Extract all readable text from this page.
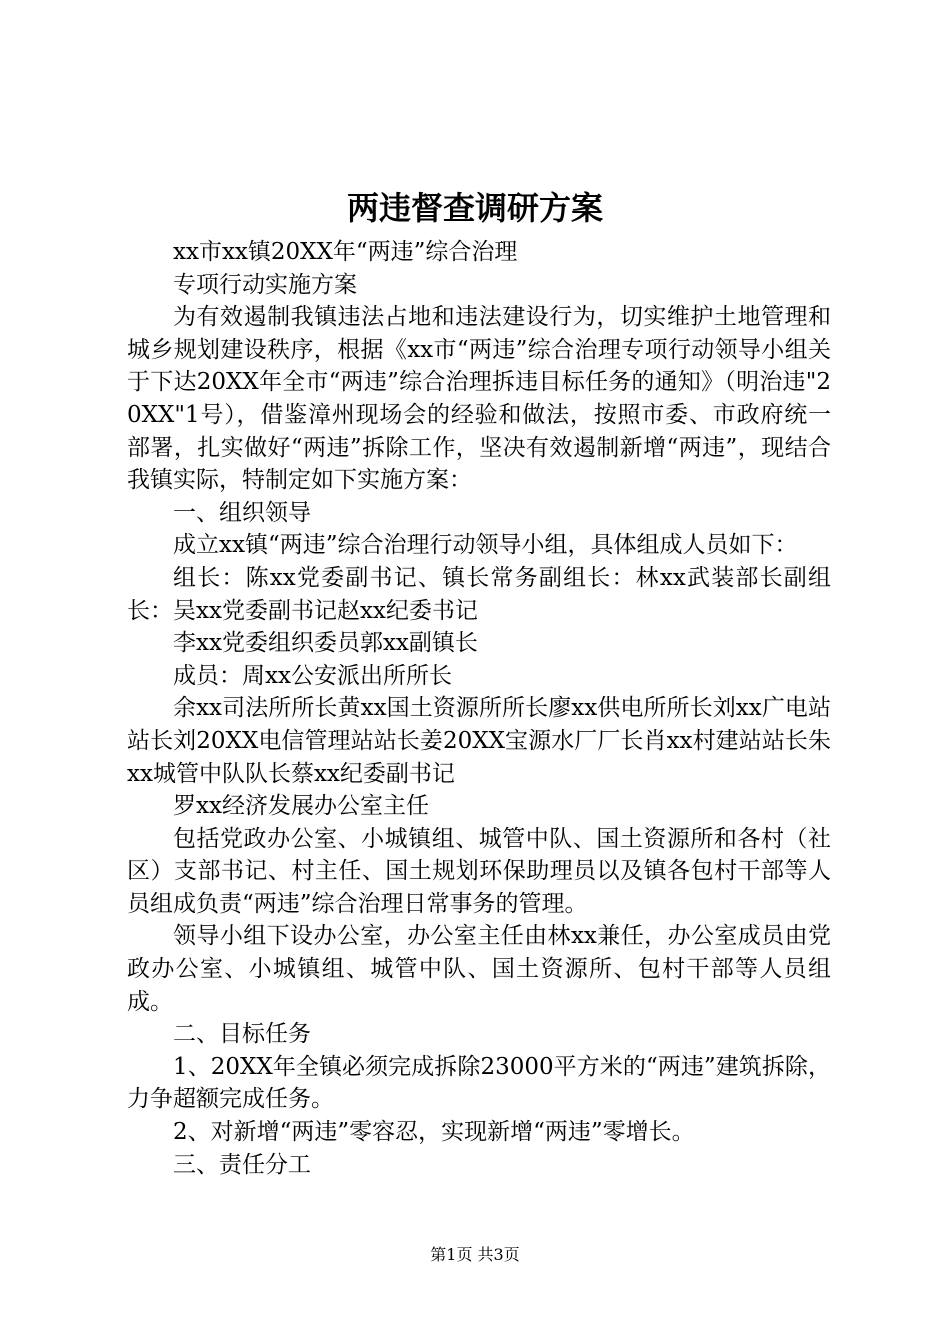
两违督查调研方案

xx市xx镇20XX年“两违”综合治理

专项行动实施方案

为有效遏制我镇违法占地和违法建设行为，切实维护土地管理和城乡规划建设秩序，根据《xx市“两违”综合治理专项行动领导小组关于下达20XX年全市“两违”综合治理拆违目标任务的通知》（明治违"20XX"1号），借鉴漳州现场会的经验和做法，按照市委、市政府统一部署，扎实做好“两违”拆除工作，坚决有效遏制新增“两违”，现结合我镇实际，特制定如下实施方案：

一、组织领导

成立xx镇“两违”综合治理行动领导小组，具体组成人员如下：

组长：陈xx党委副书记、镇长常务副组长：林xx武装部长副组长：吴xx党委副书记赵xx纪委书记

李xx党委组织委员郭xx副镇长

成员：周xx公安派出所所长

余xx司法所所长黄xx国土资源所所长廖xx供电所所长刘xx广电站站长刘20XX电信管理站站长姜20XX宝源水厂厂长肖xx村建站站长朱xx城管中队队长蔡xx纪委副书记

罗xx经济发展办公室主任

包括党政办公室、小城镇组、城管中队、国土资源所和各村（社区）支部书记、村主任、国土规划环保助理员以及镇各包村干部等人员组成负责“两违”综合治理日常事务的管理。

领导小组下设办公室，办公室主任由林xx兼任，办公室成员由党政办公室、小城镇组、城管中队、国土资源所、包村干部等人员组成。

二、目标任务

1、20XX年全镇必须完成拆除23000平方米的“两违”建筑拆除，力争超额完成任务。

2、对新增“两违”零容忍，实现新增“两违”零增长。

三、责任分工

第1页 共3页
